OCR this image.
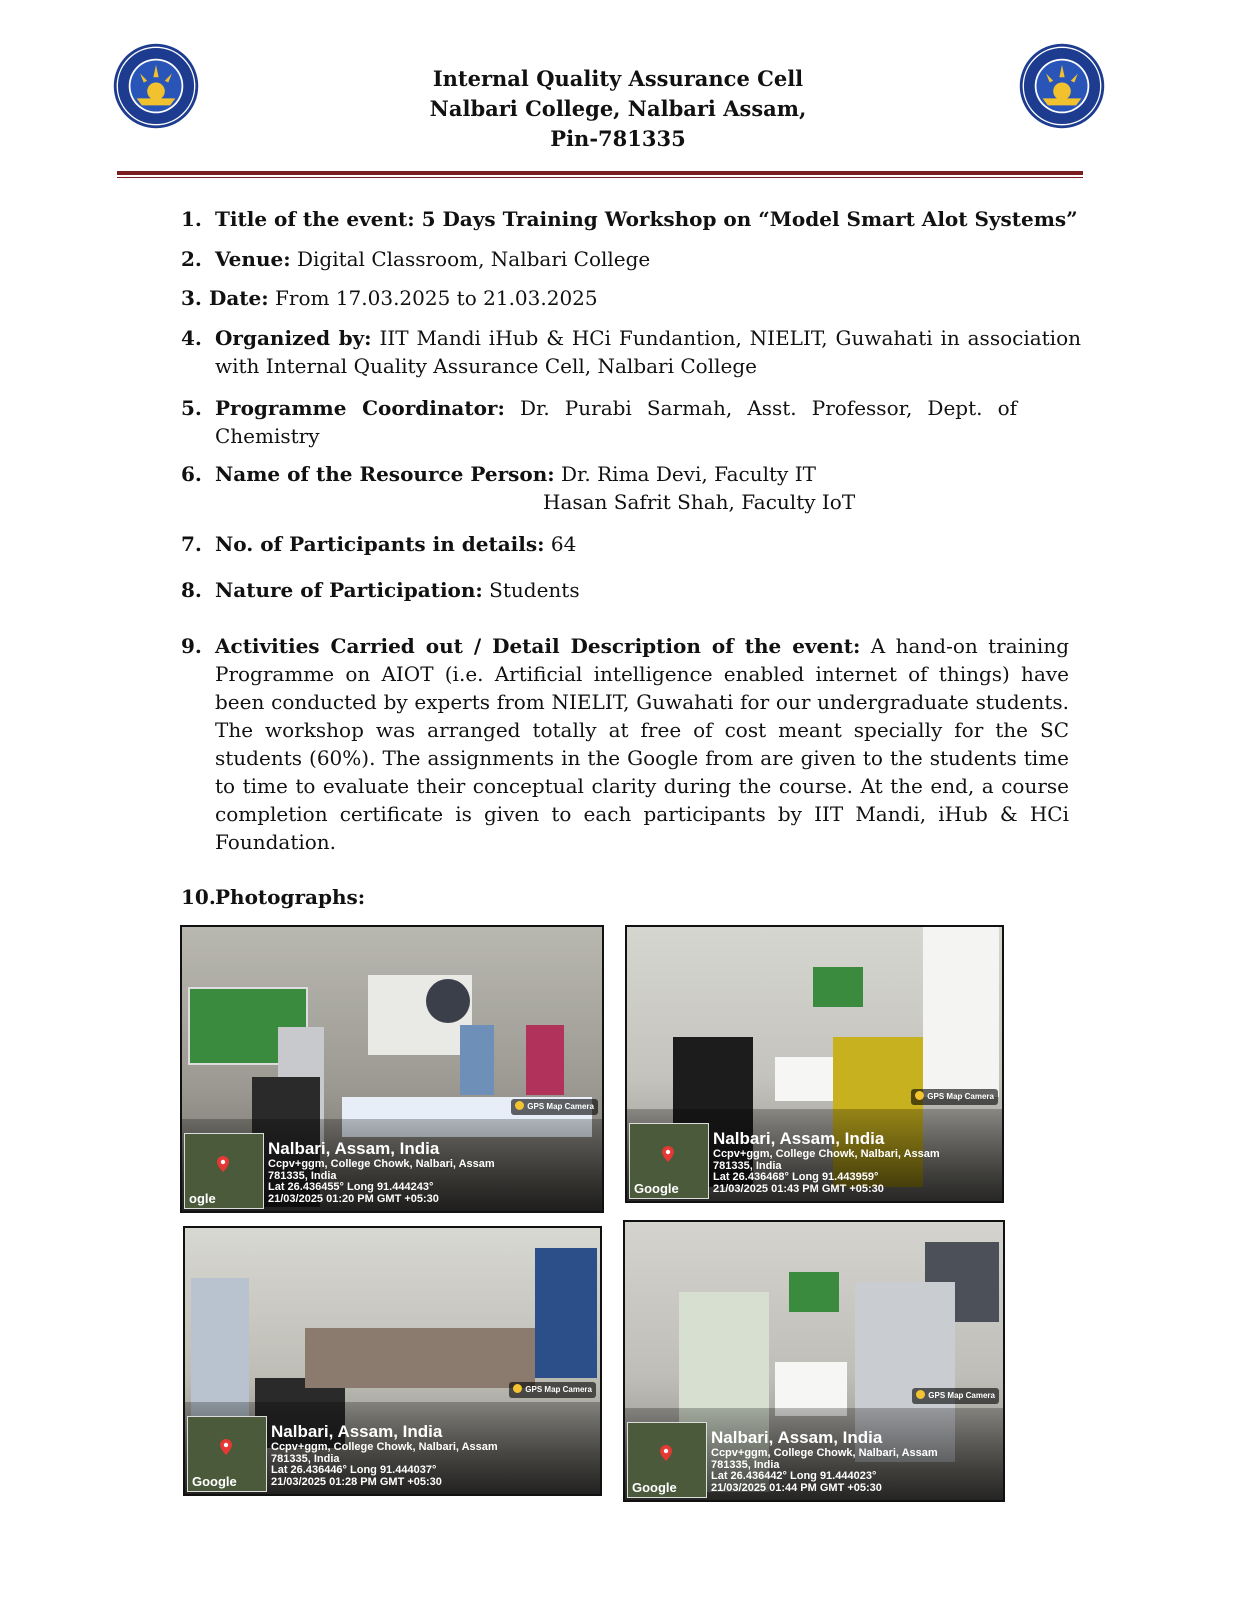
Internal Quality Assurance Cell
Nalbari College, Nalbari Assam,
Pin-781335
1. Title of the event: 5 Days Training Workshop on “Model Smart Alot Systems”
2. Venue: Digital Classroom, Nalbari College
3. Date: From 17.03.2025 to 21.03.2025
4. Organized by: IIT Mandi iHub & HCi Fundantion, NIELIT, Guwahati in association with Internal Quality Assurance Cell, Nalbari College
5. Programme Coordinator: Dr. Purabi Sarmah, Asst. Professor, Dept. of Chemistry
6. Name of the Resource Person: Dr. Rima Devi, Faculty IT
Hasan Safrit Shah, Faculty IoT
7. No. of Participants in details: 64
8. Nature of Participation: Students
9. Activities Carried out / Detail Description of the event: A hand-on training Programme on AIOT (i.e. Artificial intelligence enabled internet of things) have been conducted by experts from NIELIT, Guwahati for our undergraduate students. The workshop was arranged totally at free of cost meant specially for the SC students (60%). The assignments in the Google from are given to the students time to time to evaluate their conceptual clarity during the course. At the end, a course completion certificate is given to each participants by IIT Mandi, iHub & HCi Foundation.
10. Photographs:
GPS Map Camera
ogle
Nalbari, Assam, India
Ccpv+ggm, College Chowk, Nalbari, Assam
781335, India
Lat 26.436455° Long 91.444243°
21/03/2025 01:20 PM GMT +05:30
GPS Map Camera
Google
Nalbari, Assam, India
Ccpv+ggm, College Chowk, Nalbari, Assam
781335, India
Lat 26.436468° Long 91.443959°
21/03/2025 01:43 PM GMT +05:30
GPS Map Camera
Google
Nalbari, Assam, India
Ccpv+ggm, College Chowk, Nalbari, Assam
781335, India
Lat 26.436446° Long 91.444037°
21/03/2025 01:28 PM GMT +05:30
GPS Map Camera
Google
Nalbari, Assam, India
Ccpv+ggm, College Chowk, Nalbari, Assam
781335, India
Lat 26.436442° Long 91.444023°
21/03/2025 01:44 PM GMT +05:30
